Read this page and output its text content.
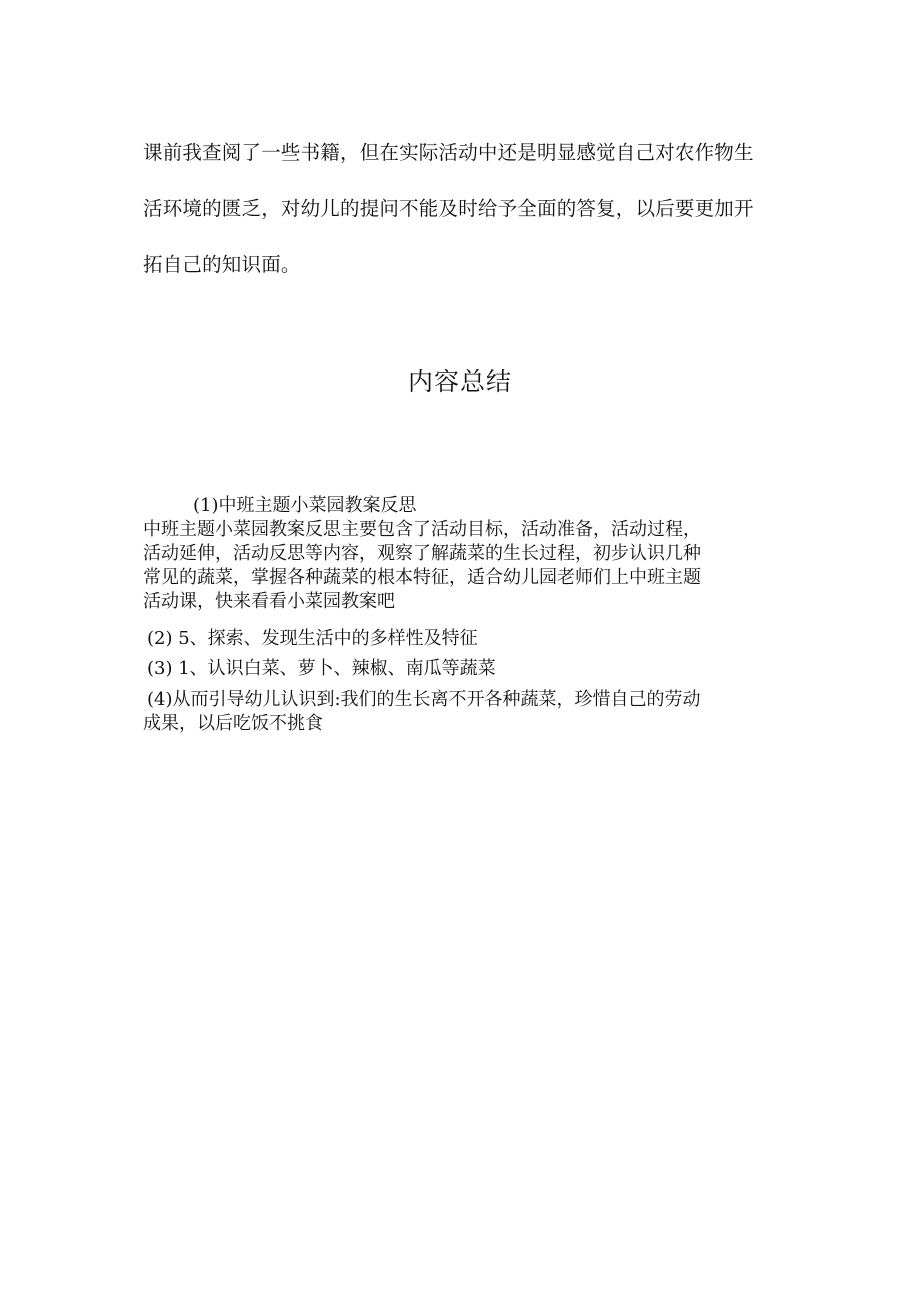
课前我查阅了一些书籍，但在实际活动中还是明显感觉自己对农作物生
活环境的匮乏，对幼儿的提问不能及时给予全面的答复，以后要更加开
拓自己的知识面。
内容总结
(1)中班主题小菜园教案反思
中班主题小菜园教案反思主要包含了活动目标，活动准备，活动过程，
活动延伸，活动反思等内容，观察了解蔬菜的生长过程，初步认识几种
常见的蔬菜，掌握各种蔬菜的根本特征，适合幼儿园老师们上中班主题
活动课，快来看看小菜园教案吧
(2) 5、探索、发现生活中的多样性及特征
(3) 1、认识白菜、萝卜、辣椒、南瓜等蔬菜
(4)从而引导幼儿认识到:我们的生长离不开各种蔬菜，珍惜自己的劳动
成果，以后吃饭不挑食
